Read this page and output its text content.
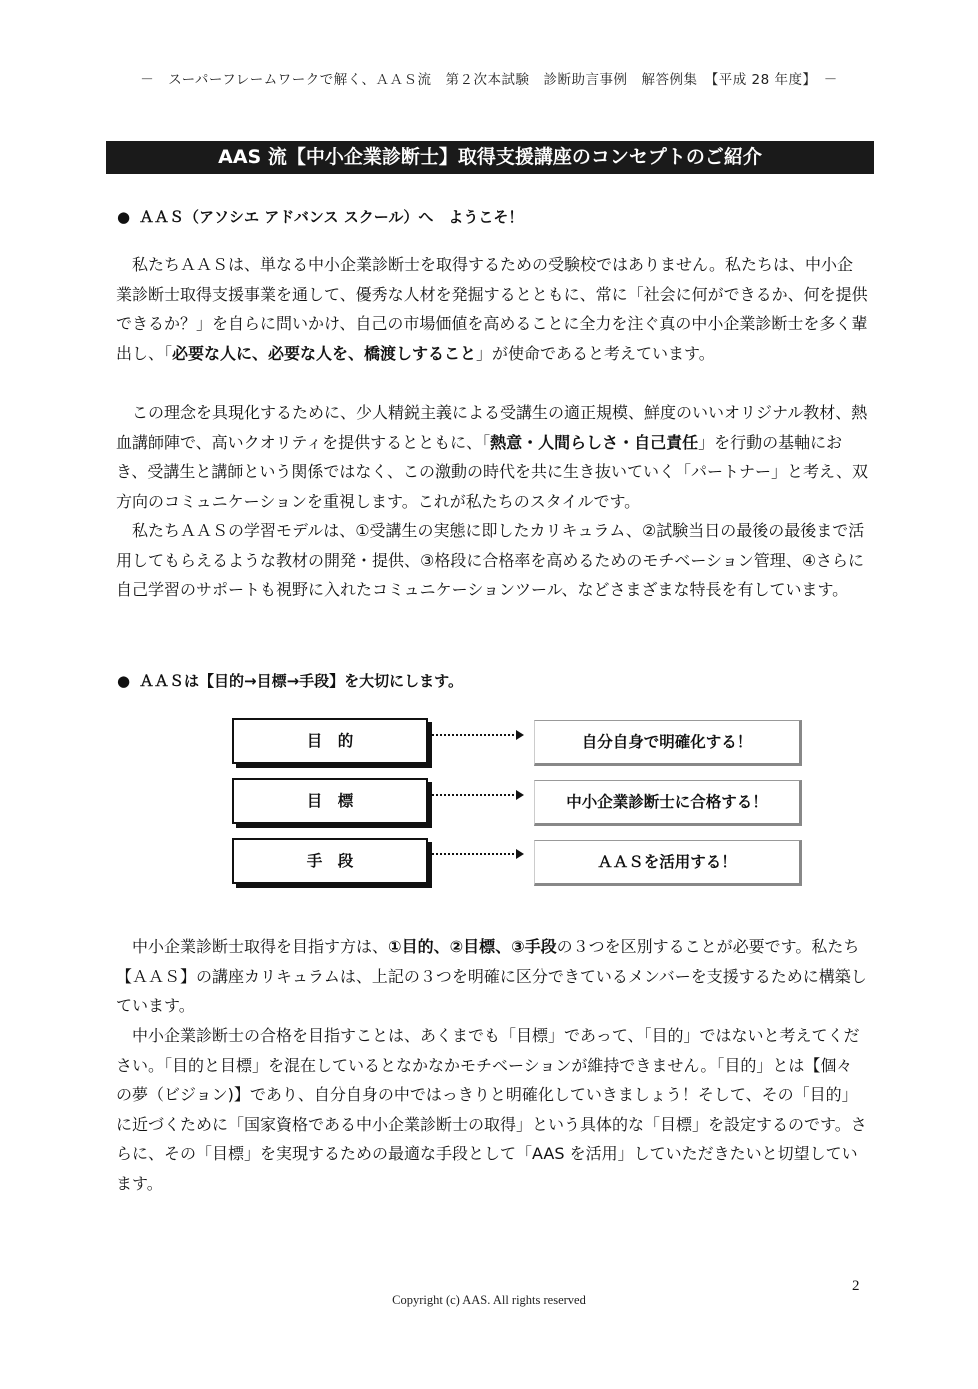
－　スーパーフレームワークで解く、ＡＡＳ流　第２次本試験　診断助言事例　解答例集　【平成 28 年度】　－
AAS 流【中小企業診断士】取得支援講座のコンセプトのご紹介
● ＡＡＳ（アソシエ アドバンス スクール）へ　ようこそ！

私たちＡＡＳは、単なる中小企業診断士を取得するための受験校ではありません。私たちは、中小企業診断士取得支援事業を通して、優秀な人材を発掘するとともに、常に「社会に何ができるか、何を提供できるか？」を自らに問いかけ、自己の市場価値を高めることに全力を注ぐ真の中小企業診断士を多く輩出し、「必要な人に、必要な人を、橋渡しすること」が使命であると考えています。

この理念を具現化するために、少人精鋭主義による受講生の適正規模、鮮度のいいオリジナル教材、熱血講師陣で、高いクオリティを提供するとともに、「熱意・人間らしさ・自己責任」を行動の基軸におき、受講生と講師という関係ではなく、この激動の時代を共に生き抜いていく「パートナー」と考え、双方向のコミュニケーションを重視します。これが私たちのスタイルです。

私たちＡＡＳの学習モデルは、①受講生の実態に即したカリキュラム、②試験当日の最後の最後まで活用してもらえるような教材の開発・提供、③格段に合格率を高めるためのモチベーション管理、④さらに自己学習のサポートも視野に入れたコミュニケーションツール、などさまざまな特長を有しています。

● ＡＡＳは【目的→目標→手段】を大切にします。
目　的	自分自身で明確化する！
目　標	中小企業診断士に合格する！
手　段	ＡＡＳを活用する！

中小企業診断士取得を目指す方は、①目的、②目標、③手段の３つを区別することが必要です。私たち【ＡＡＳ】の講座カリキュラムは、上記の３つを明確に区分できているメンバーを支援するために構築しています。

中小企業診断士の合格を目指すことは、あくまでも「目標」であって、「目的」ではないと考えてください。「目的と目標」を混在しているとなかなかモチベーションが維持できません。「目的」とは【個々の夢（ビジョン)】であり、自分自身の中ではっきりと明確化していきましょう！そして、その「目的」に近づくために「国家資格である中小企業診断士の取得」という具体的な「目標」を設定するのです。さらに、その「目標」を実現するための最適な手段として「AAS を活用」していただきたいと切望しています。

2
Copyright (c) AAS. All rights reserved
